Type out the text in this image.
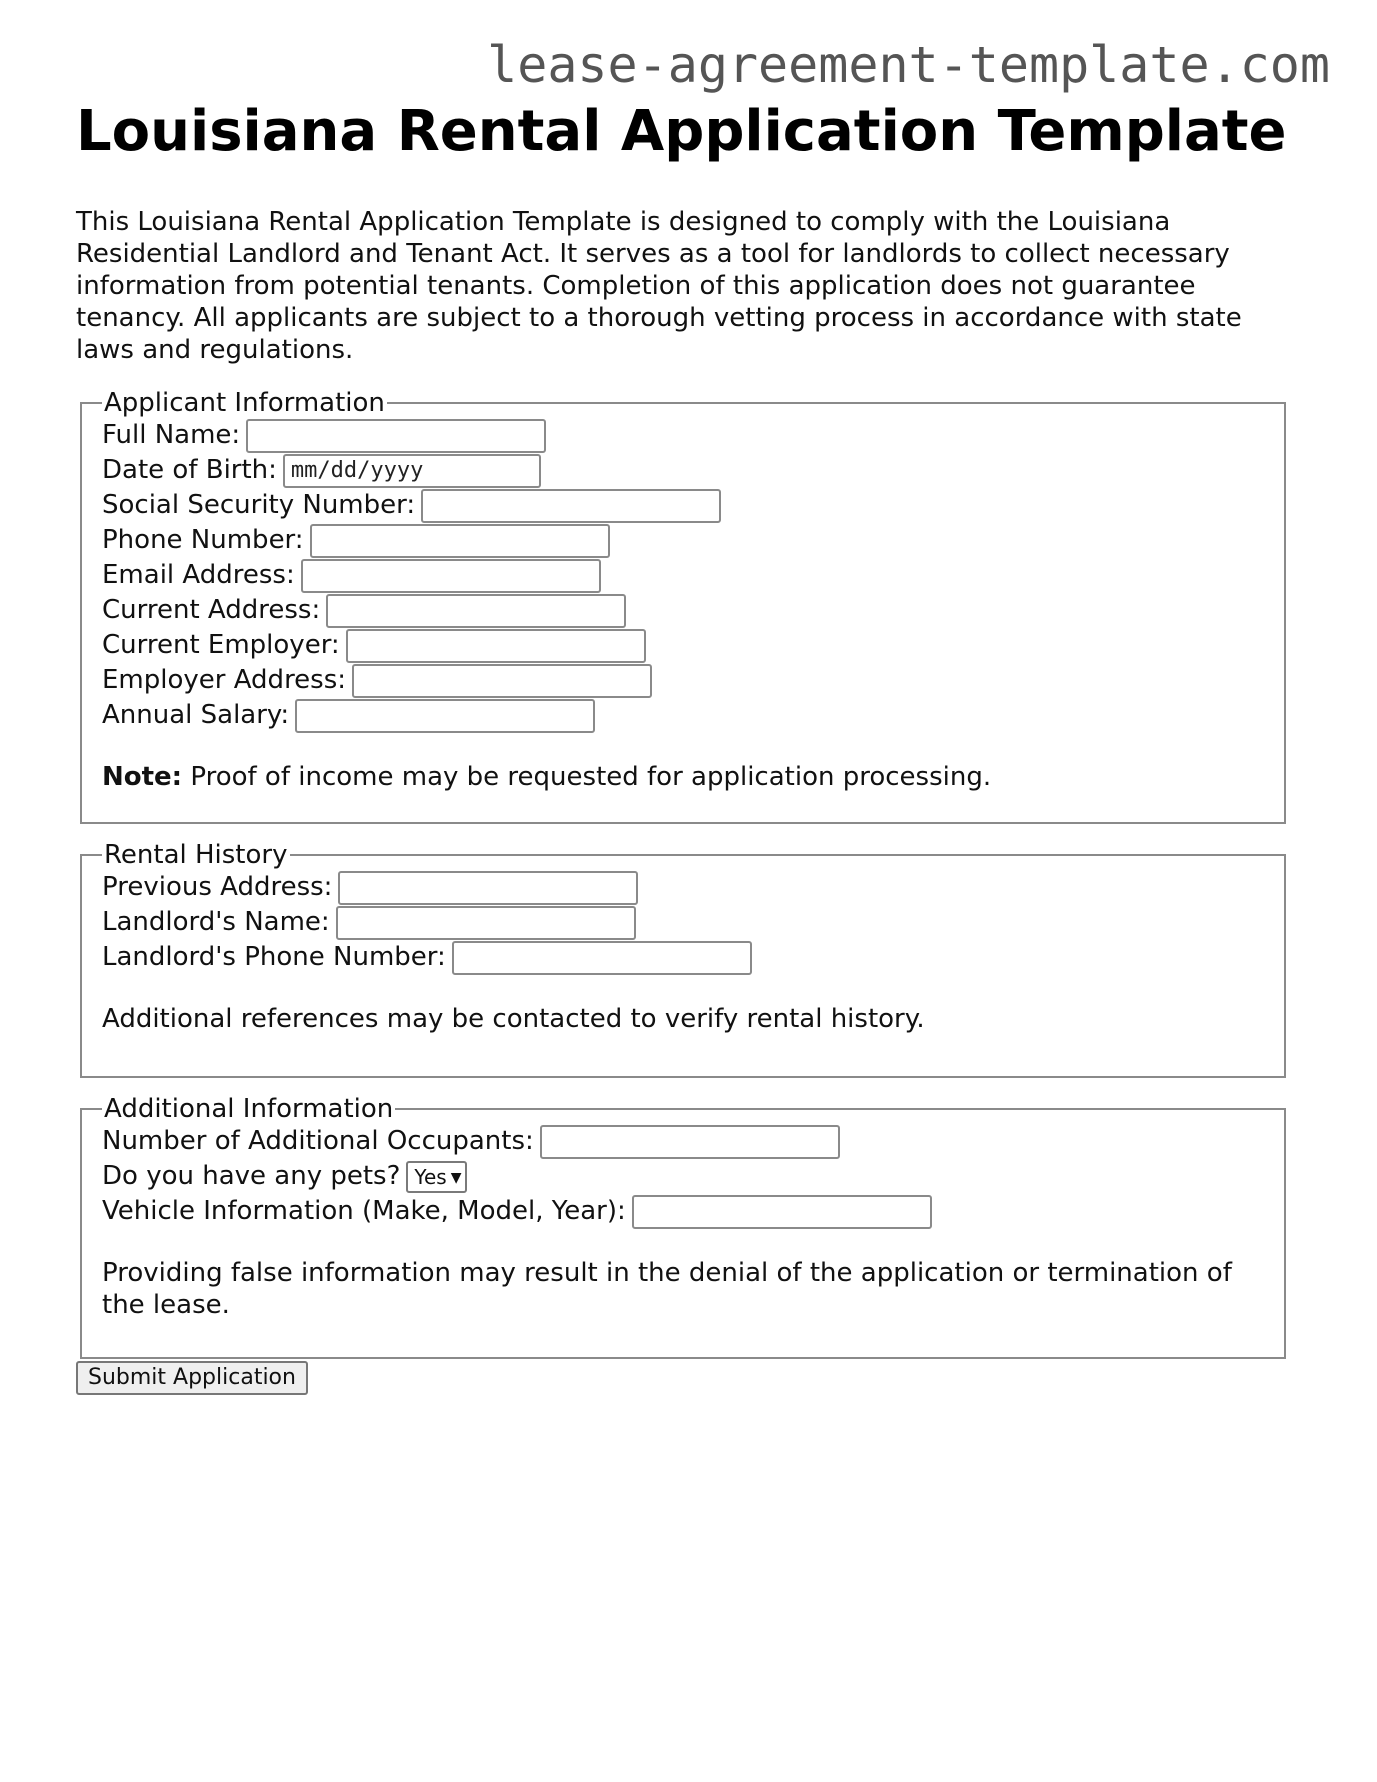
lease-agreement-template.com
Louisiana Rental Application Template

This Louisiana Rental Application Template is designed to comply with the Louisiana Residential Landlord and Tenant Act. It serves as a tool for landlords to collect necessary information from potential tenants. Completion of this application does not guarantee tenancy. All applicants are subject to a thorough vetting process in accordance with state laws and regulations.

Applicant Information
Full Name:
Date of Birth: mm/dd/yyyy
Social Security Number:
Phone Number:
Email Address:
Current Address:
Current Employer:
Employer Address:
Annual Salary:

Note: Proof of income may be requested for application processing.

Rental History
Previous Address:
Landlord's Name:
Landlord's Phone Number:

Additional references may be contacted to verify rental history.

Additional Information
Number of Additional Occupants:
Do you have any pets? Yes ▼
Vehicle Information (Make, Model, Year):

Providing false information may result in the denial of the application or termination of the lease.

Submit Application
